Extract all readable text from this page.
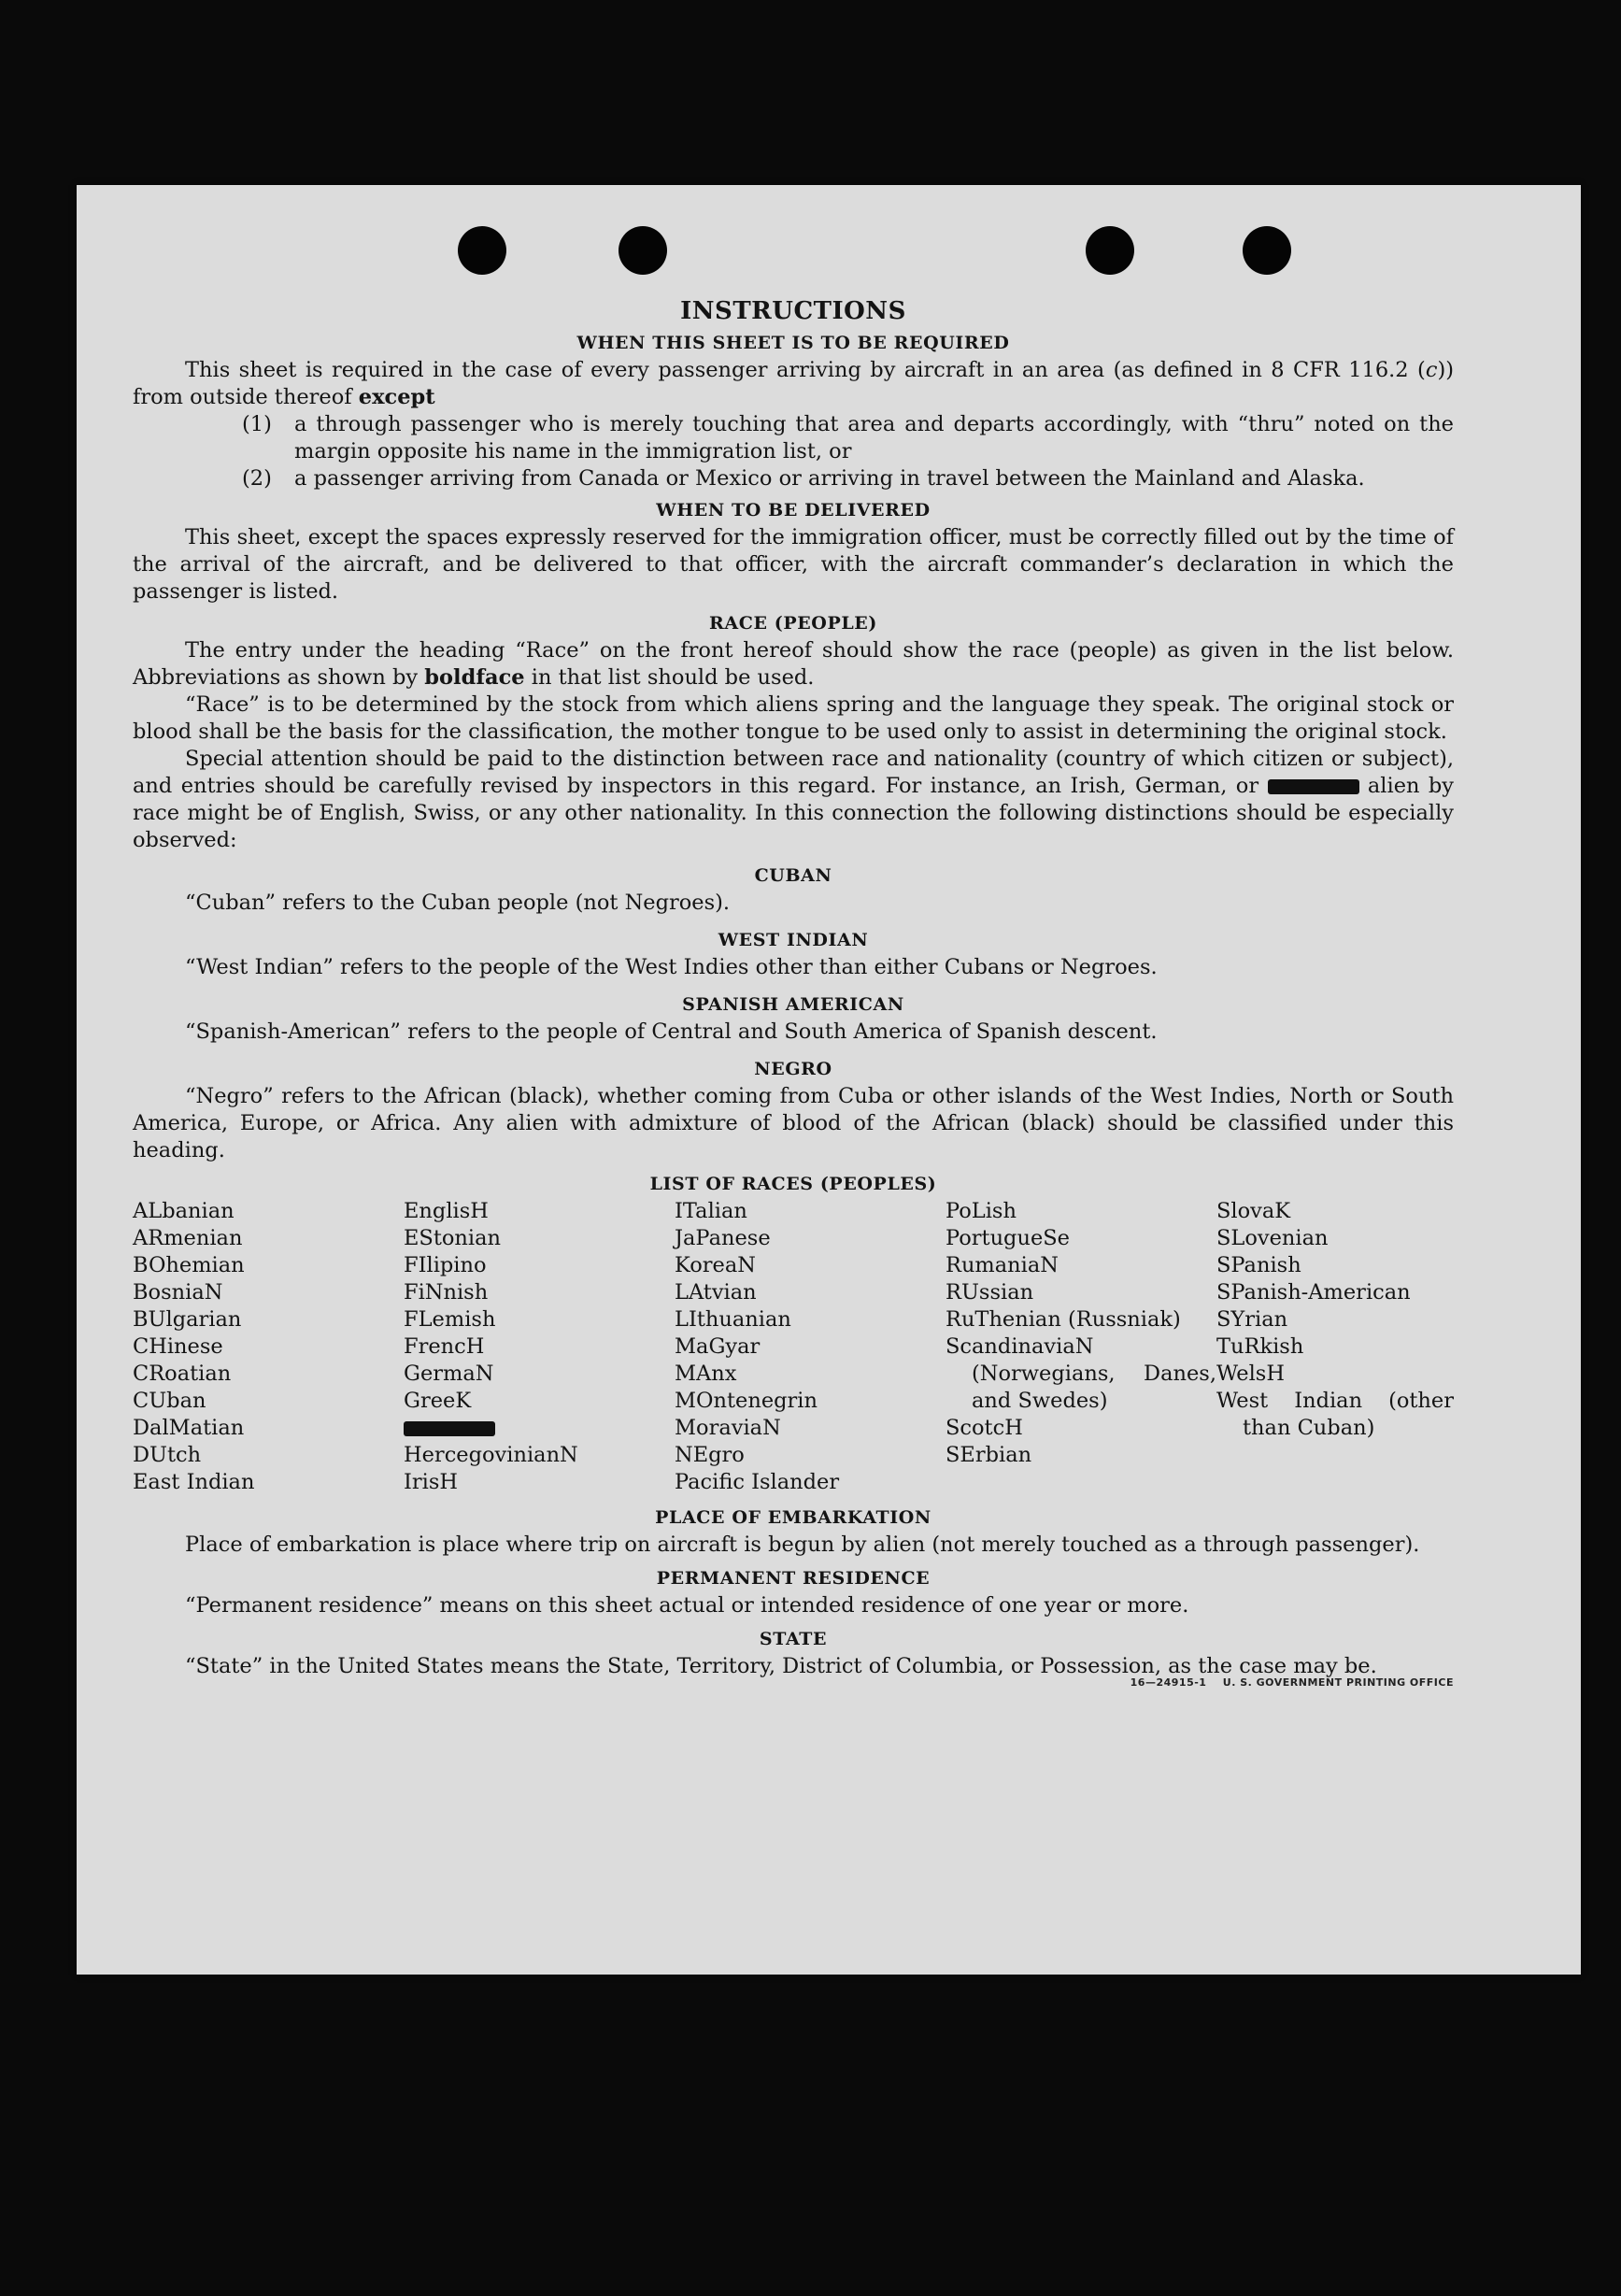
INSTRUCTIONS
WHEN THIS SHEET IS TO BE REQUIRED

This sheet is required in the case of every passenger arriving by aircraft in an area (as defined in 8 CFR 116.2 (c)) from outside thereof except

(1) a through passenger who is merely touching that area and departs accordingly, with “thru” noted on the margin opposite his name in the immigration list, or
(2) a passenger arriving from Canada or Mexico or arriving in travel between the Mainland and Alaska.
WHEN TO BE DELIVERED

This sheet, except the spaces expressly reserved for the immigration officer, must be correctly filled out by the time of the arrival of the aircraft, and be delivered to that officer, with the aircraft commander’s declaration in which the passenger is listed.

RACE (PEOPLE)

The entry under the heading “Race” on the front hereof should show the race (people) as given in the list below. Abbreviations as shown by boldface in that list should be used.

“Race” is to be determined by the stock from which aliens spring and the language they speak. The original stock or blood shall be the basis for the classification, the mother tongue to be used only to assist in determining the original stock.

Special attention should be paid to the distinction between race and nationality (country of which citizen or subject), and entries should be carefully revised by inspectors in this regard. For instance, an Irish, German, or	alien by race might be of English, Swiss, or any other nationality. In this connection the following distinctions should be especially observed:

CUBAN

“Cuban” refers to the Cuban people (not Negroes).

WEST INDIAN

“West Indian” refers to the people of the West Indies other than either Cubans or Negroes.

SPANISH AMERICAN

“Spanish-American” refers to the people of Central and South America of Spanish descent.

NEGRO

“Negro” refers to the African (black), whether coming from Cuba or other islands of the West Indies, North or South America, Europe, or Africa. Any alien with admixture of blood of the African (black) should be classified under this heading.

LIST OF RACES (PEOPLES)
ALbanian
ARmenian
BOhemian
BosniaN
BUlgarian
CHinese
CRoatian
CUban
DalMatian
DUtch
East Indian
EnglisH
EStonian
FIlipino
FiNnish
FLemish
FrencH
GermaN
GreeK
HercegovinianN
IrisH
ITalian
JaPanese
KoreaN
LAtvian
LIthuanian
MaGyar
MAnx
MOntenegrin
MoraviaN
NEgro
Pacific Islander
PoLish
PortugueSe
RumaniaN
RUssian
RuThenian (Russniak)
ScandinaviaN (Norwegians, Danes, and Swedes)
ScotcH
SErbian
SlovaK
SLovenian
SPanish
SPanish-American
SYrian
TuRkish
WelsH
West Indian (other than Cuban)
PLACE OF EMBARKATION

Place of embarkation is place where trip on aircraft is begun by alien (not merely touched as a through passenger).

PERMANENT RESIDENCE

“Permanent residence” means on this sheet actual or intended residence of one year or more.

STATE

“State” in the United States means the State, Territory, District of Columbia, or Possession, as the case may be.

16—24915-1 U. S. GOVERNMENT PRINTING OFFICE
